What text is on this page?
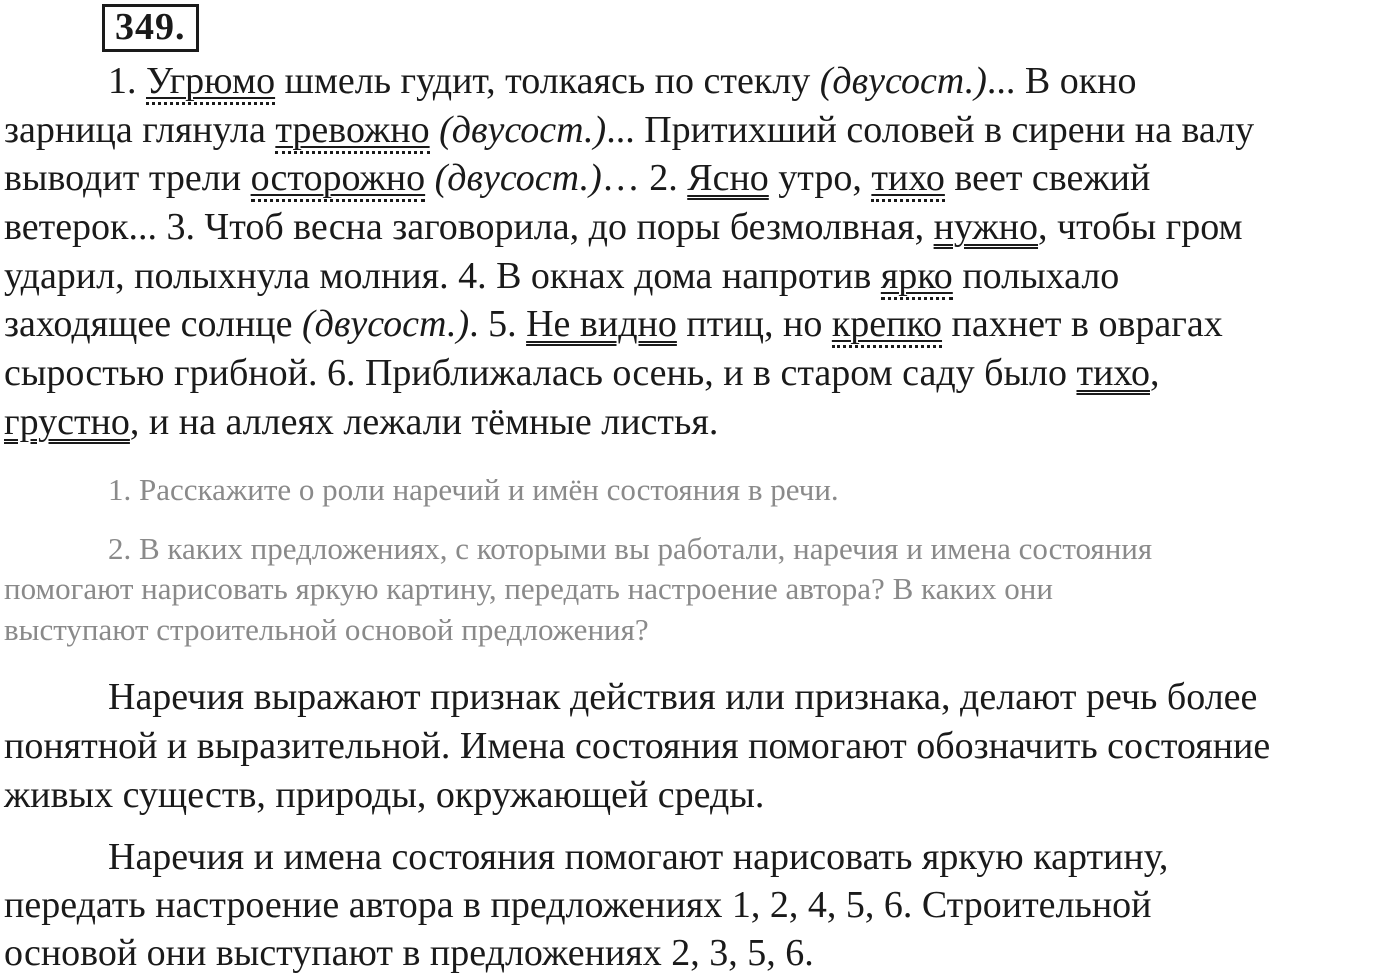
349.
1. Угрюмо шмель гудит, толкаясь по стеклу (двусост.)... В окно
зарница глянула тревожно (двусост.)... Притихший соловей в сирени на валу
выводит трели осторожно (двусост.)… 2. Ясно утро, тихо веет свежий
ветерок... 3. Чтоб весна заговорила, до поры безмолвная, нужно, чтобы гром
ударил, полыхнула молния. 4. В окнах дома напротив ярко полыхало
заходящее солнце (двусост.). 5. Не видно птиц, но крепко пахнет в оврагах
сыростью грибной. 6. Приближалась осень, и в старом саду было тихо,
грустно, и на аллеях лежали тёмные листья.
1. Расскажите о роли наречий и имён состояния в речи.
2. В каких предложениях, с которыми вы работали, наречия и имена состояния
помогают нарисовать яркую картину, передать настроение автора? В каких они
выступают строительной основой предложения?
Наречия выражают признак действия или признака, делают речь более
понятной и выразительной. Имена состояния помогают обозначить состояние
живых существ, природы, окружающей среды.
Наречия и имена состояния помогают нарисовать яркую картину,
передать настроение автора в предложениях 1, 2, 4, 5, 6. Строительной
основой они выступают в предложениях 2, 3, 5, 6.
